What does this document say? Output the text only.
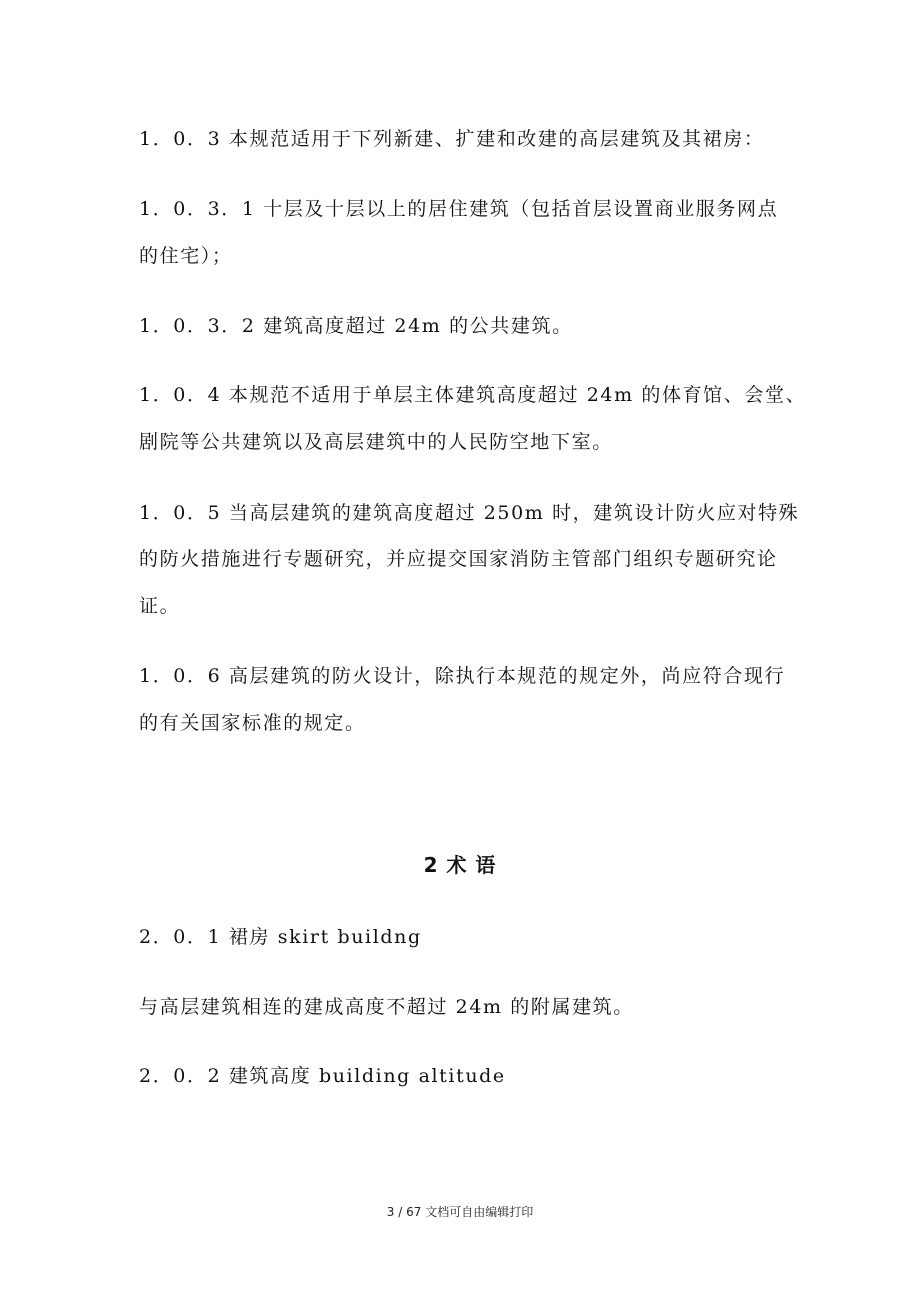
1．0．3 本规范适用于下列新建、扩建和改建的高层建筑及其裙房：
1．0．3．1 十层及十层以上的居住建筑（包括首层设置商业服务网点
的住宅）；
1．0．3．2 建筑高度超过 24m 的公共建筑。
1．0．4 本规范不适用于单层主体建筑高度超过 24m 的体育馆、会堂、
剧院等公共建筑以及高层建筑中的人民防空地下室。
1．0．5 当高层建筑的建筑高度超过 250m 时，建筑设计防火应对特殊
的防火措施进行专题研究，并应提交国家消防主管部门组织专题研究论
证。
1．0．6 高层建筑的防火设计，除执行本规范的规定外，尚应符合现行
的有关国家标准的规定。
2 术 语
2．0．1 裙房 skirt buildng
与高层建筑相连的建成高度不超过 24m 的附属建筑。
2．0．2 建筑高度 building altitude
3 / 67 文档可自由编辑打印
